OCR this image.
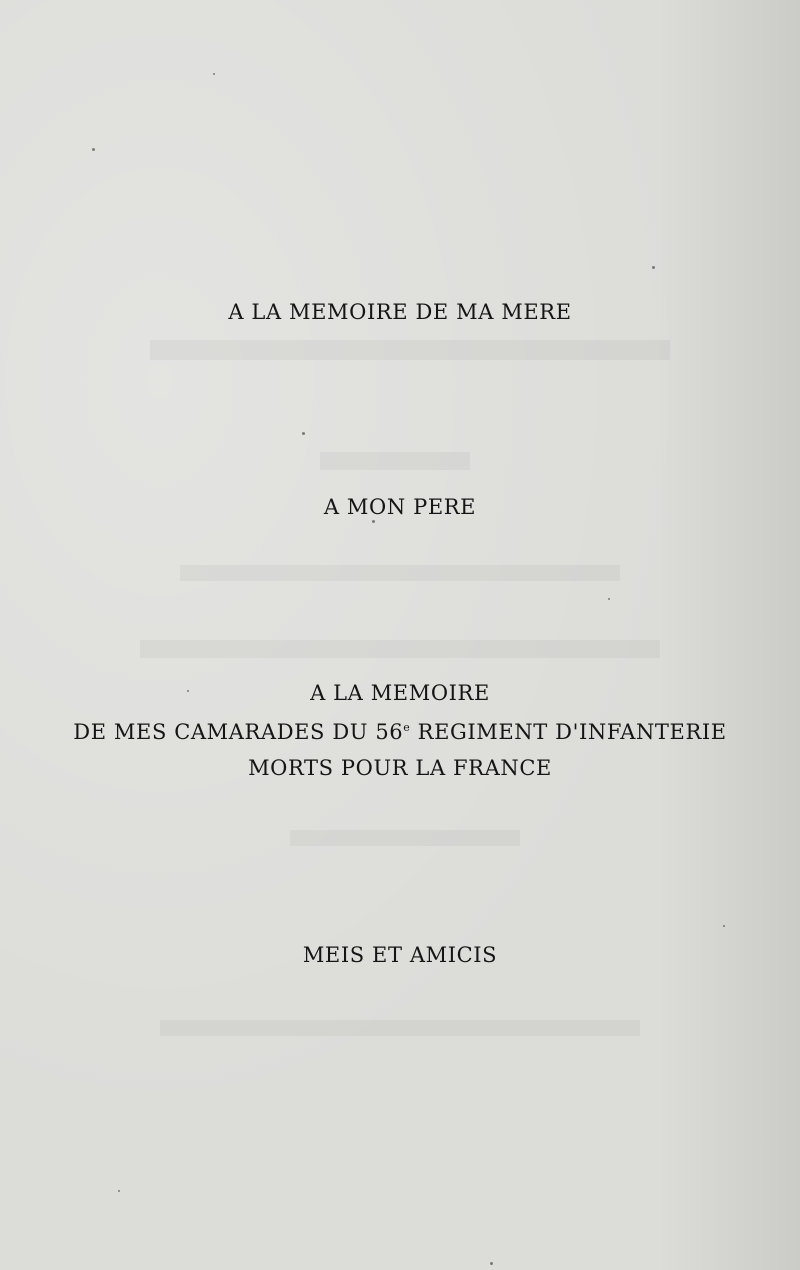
A LA MEMOIRE DE MA MERE
A MON PERE
A LA MEMOIRE
DE MES CAMARADES DU 56e REGIMENT D'INFANTERIE
MORTS POUR LA FRANCE
MEIS ET AMICIS
